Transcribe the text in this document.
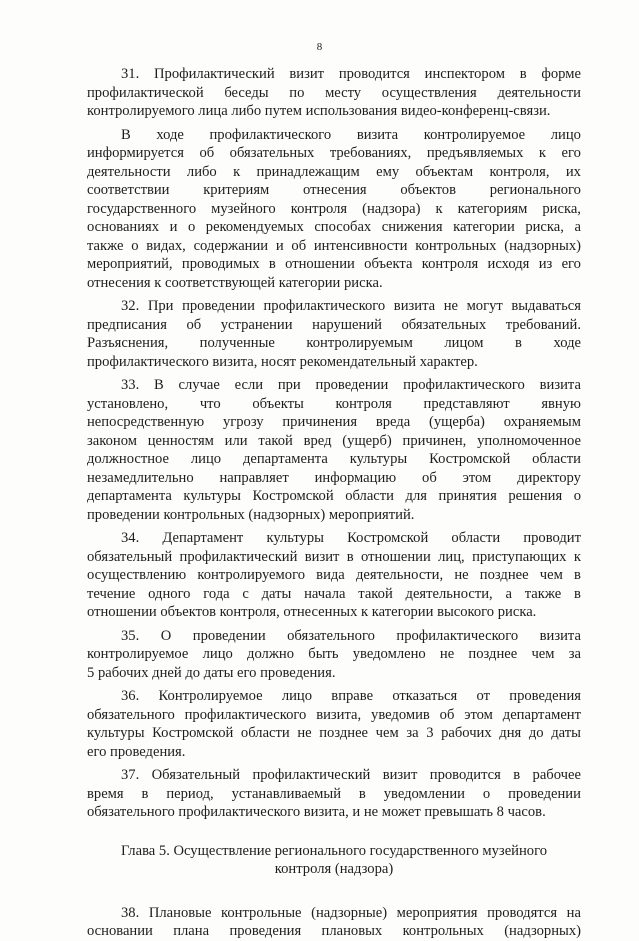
8
31. Профилактический визит проводится инспектором в форме
профилактической беседы по месту осуществления деятельности
контролируемого лица либо путем использования видео-конференц-связи.
В ходе профилактического визита контролируемое лицо
информируется об обязательных требованиях, предъявляемых к его
деятельности либо к принадлежащим ему объектам контроля, их
соответствии критериям отнесения объектов регионального
государственного музейного контроля (надзора) к категориям риска,
основаниях и о рекомендуемых способах снижения категории риска, а
также о видах, содержании и об интенсивности контрольных (надзорных)
мероприятий, проводимых в отношении объекта контроля исходя из его
отнесения к соответствующей категории риска.
32. При проведении профилактического визита не могут выдаваться
предписания об устранении нарушений обязательных требований.
Разъяснения, полученные контролируемым лицом в ходе
профилактического визита, носят рекомендательный характер.
33. В случае если при проведении профилактического визита
установлено, что объекты контроля представляют явную
непосредственную угрозу причинения вреда (ущерба) охраняемым
законом ценностям или такой вред (ущерб) причинен, уполномоченное
должностное лицо департамента культуры Костромской области
незамедлительно направляет информацию об этом директору
департамента культуры Костромской области для принятия решения о
проведении контрольных (надзорных) мероприятий.
34. Департамент культуры Костромской области проводит
обязательный профилактический визит в отношении лиц, приступающих к
осуществлению контролируемого вида деятельности, не позднее чем в
течение одного года с даты начала такой деятельности, а также в
отношении объектов контроля, отнесенных к категории высокого риска.
35. О проведении обязательного профилактического визита
контролируемое лицо должно быть уведомлено не позднее чем за
5 рабочих дней до даты его проведения.
36. Контролируемое лицо вправе отказаться от проведения
обязательного профилактического визита, уведомив об этом департамент
культуры Костромской области не позднее чем за 3 рабочих дня до даты
его проведения.
37. Обязательный профилактический визит проводится в рабочее
время в период, устанавливаемый в уведомлении о проведении
обязательного профилактического визита, и не может превышать 8 часов.
Глава 5. Осуществление регионального государственного музейного
контроля (надзора)
38. Плановые контрольные (надзорные) мероприятия проводятся на
основании плана проведения плановых контрольных (надзорных)
